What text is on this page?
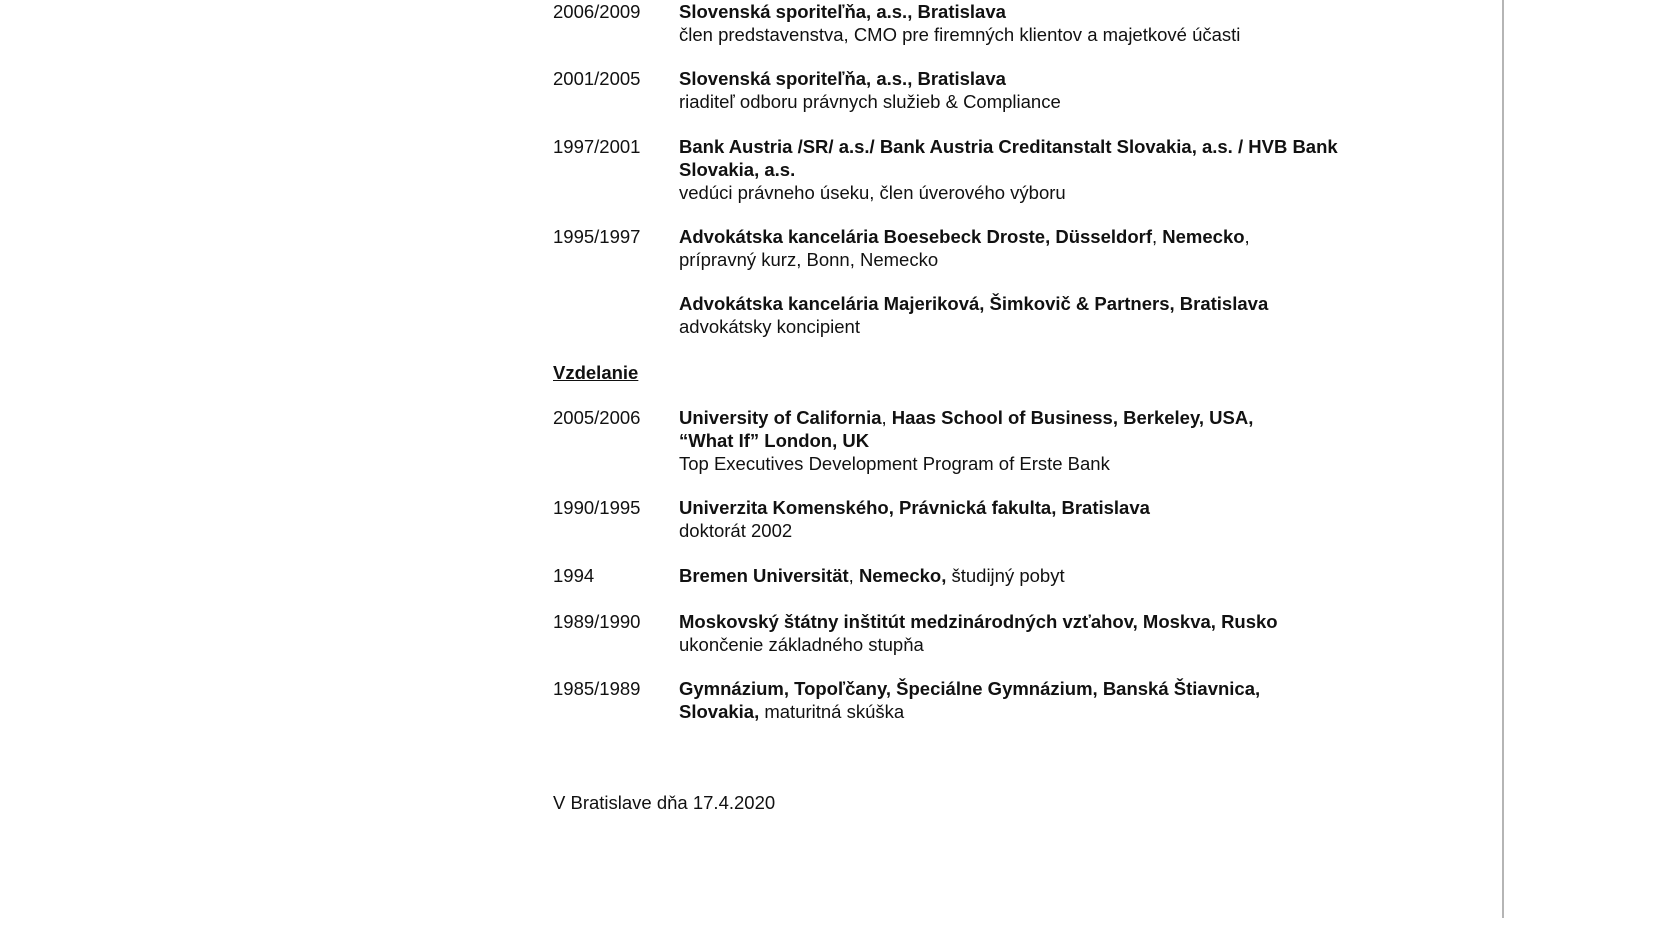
2006/2009	Slovenská sporiteľňa, a.s., Bratislava
člen predstavenstva, CMO pre firemných klientov a majetkové účasti
2001/2005	Slovenská sporiteľňa, a.s., Bratislava
riaditeľ odboru právnych služieb & Compliance
1997/2001	Bank Austria /SR/ a.s./ Bank Austria Creditanstalt Slovakia, a.s. / HVB Bank
Slovakia, a.s.
vedúci právneho úseku, člen úverového výboru
1995/1997	Advokátska kancelária Boesebeck Droste, Düsseldorf, Nemecko,
prípravný kurz, Bonn, Nemecko
Advokátska kancelária Majeriková, Šimkovič & Partners, Bratislava
advokátsky koncipient
Vzdelanie
2005/2006	University of California, Haas School of Business, Berkeley, USA,
“What If” London, UK
Top Executives Development Program of Erste Bank
1990/1995	Univerzita Komenského, Právnická fakulta, Bratislava
doktorát 2002
1994	Bremen Universität, Nemecko, študijný pobyt
1989/1990	Moskovský štátny inštitút medzinárodných vzťahov, Moskva, Rusko
ukončenie základného stupňa
1985/1989	Gymnázium, Topoľčany, Špeciálne Gymnázium, Banská Štiavnica,
Slovakia, maturitná skúška
V Bratislave dňa 17.4.2020
